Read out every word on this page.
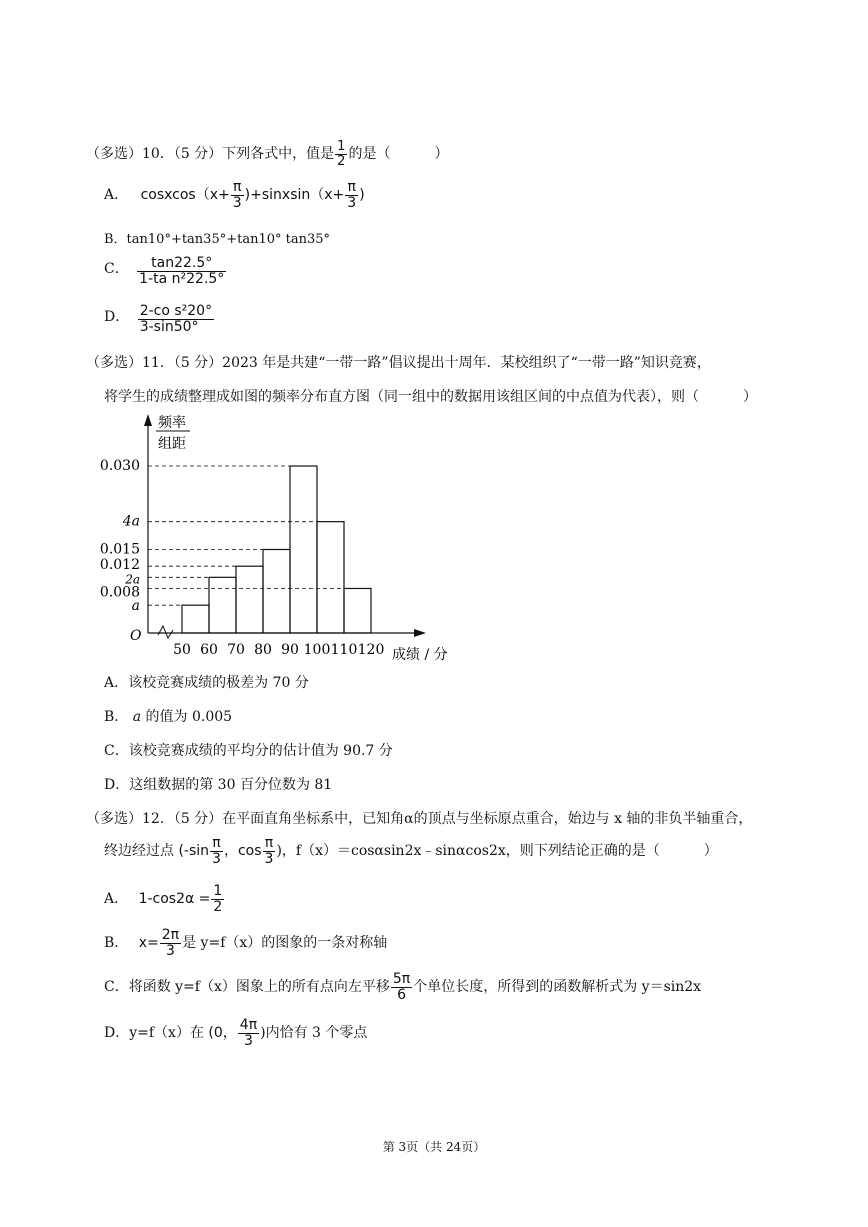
（多选）10．（5 分）下列各式中，值是 $\frac{1}{2}$ 的是（	）
A． cosxcos（x+ $\frac{\pi}{3}$ )+sinxsin（x+ $\frac{\pi}{3}$ )
B．tan10°+tan35°+tan10° tan35°
C． $\frac{\tan 22.5^\circ}{\text{1-ta n²22.5°}}$
D． $\frac{\text{2-co s²20°}}{3-\sin 50^\circ}$
（多选）11．（5 分）2023 年是共建“一带一路”倡议提出十周年．某校组织了“一带一路”知识竞赛，
将学生的成绩整理成如图的频率分布直方图（同一组中的数据用该组区间的中点值为代表），则（	）
频率
组距
O
0.030
4a
0.015
0.012
2a
0.008
a
50 60 70 80 90 100 110 120 成绩 / 分
A．该校竞赛成绩的极差为 70 分
B． a 的值为 0.005
C．该校竞赛成绩的平均分的估计值为 90.7 分
D．这组数据的第 30 百分位数为 81
（多选）12．（5 分）在平面直角坐标系中，已知角α的顶点与坐标原点重合，始边与 x 轴的非负半轴重合，
终边经过点 ($-\sin \frac{\pi}{3}$ ，$\cos \frac{\pi}{3}$ )，f（x）＝cosαsin2x﹣sinαcos2x，则下列结论正确的是（	）
A． $1-\cos 2\alpha = \frac{1}{2}$
B． $x= \frac{2\pi}{3}$ 是 y=f（x）的图象的一条对称轴
C．将函数 y=f（x）图象上的所有点向左平移 $\frac{5\pi}{6}$ 个单位长度，所得到的函数解析式为 y＝sin2x
D．y=f（x）在 (0， $\frac{4\pi}{3}$ )内恰有 3 个零点
第 3页（共 24页）
